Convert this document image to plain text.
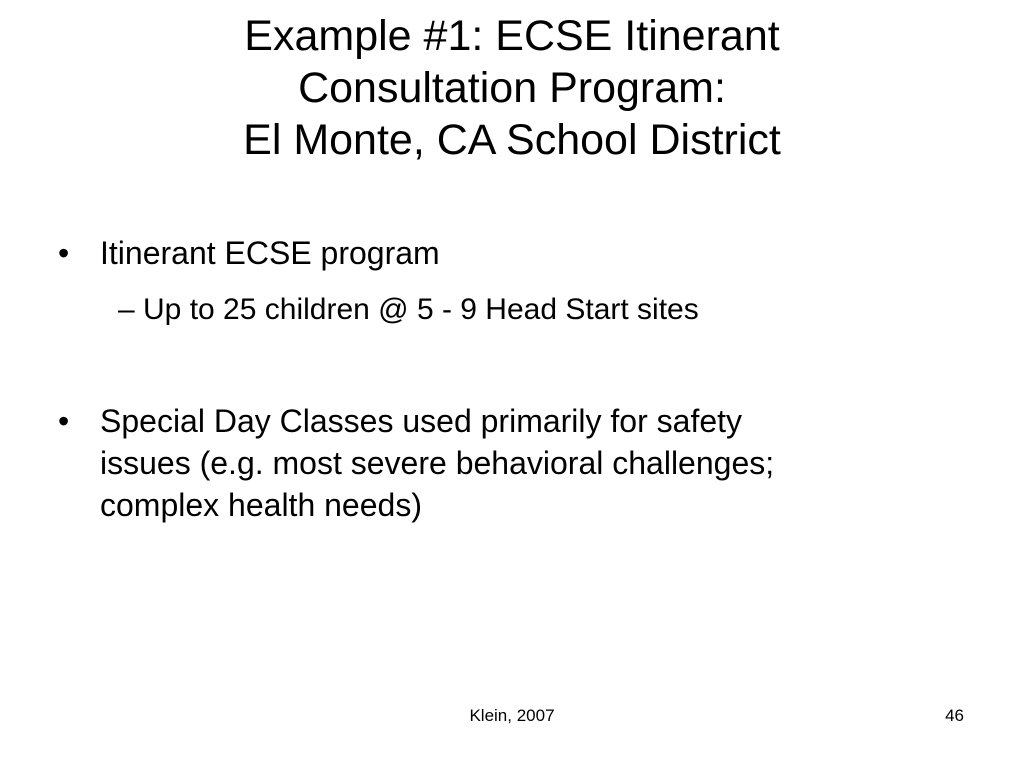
Example #1: ECSE Itinerant
Consultation Program:
El Monte, CA School District
• Itinerant ECSE program

– Up to 25 children @ 5 - 9 Head Start sites

• Special Day Classes used primarily for safety
issues (e.g. most severe behavioral challenges;
complex health needs)

Klein, 2007	46
